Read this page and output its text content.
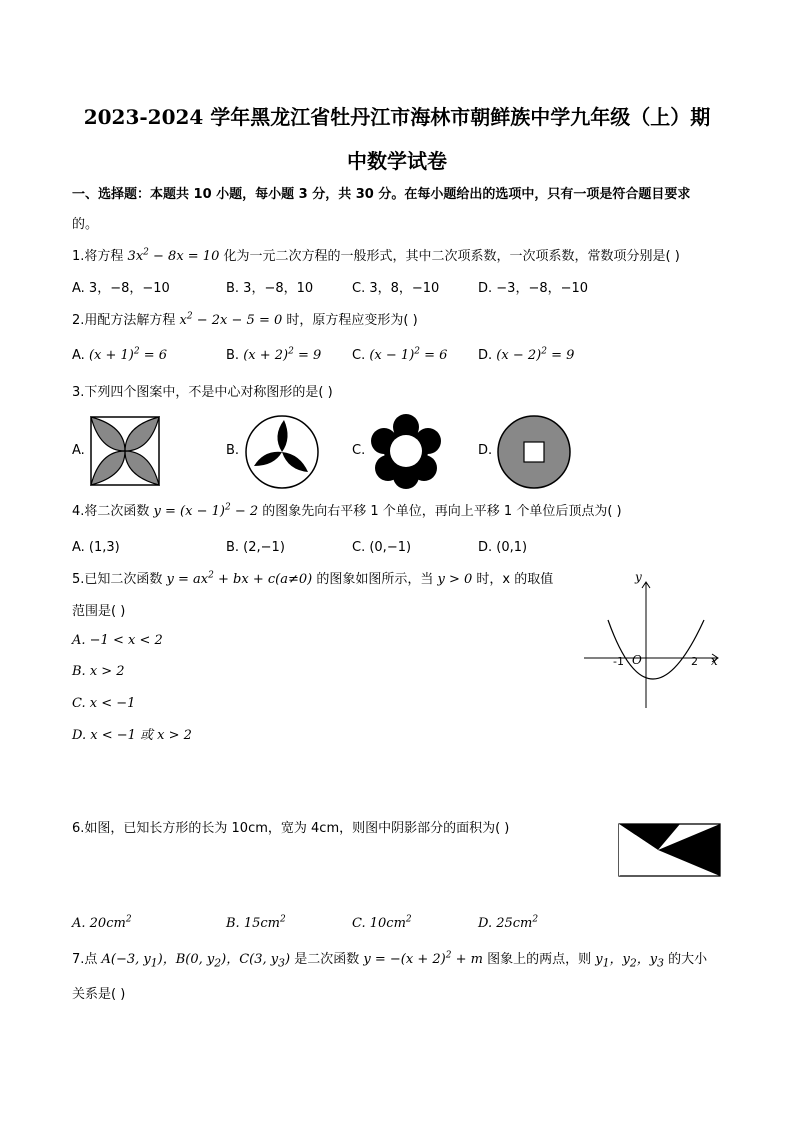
2023-2024 学年黑龙江省牡丹江市海林市朝鲜族中学九年级（上）期
中数学试卷
一、选择题：本题共 10 小题，每小题 3 分，共 30 分。在每小题给出的选项中，只有一项是符合题目要求
的。
1.将方程 $3x^2 - 8x = 10$ 化为一元二次方程的一般形式，其中二次项系数，一次项系数，常数项分别是( )
A. 3，−8，−10	B. 3，−8，10	C. 3，8，−10	D. −3，−8，−10
2.用配方法解方程 $x^2 - 2x - 5 = 0$ 时，原方程应变形为( )
A. $(x + 1)^2 = 6$	B. $(x + 2)^2 = 9$ C. $(x - 1)^2 = 6$ D. $(x - 2)^2 = 9$
3.下列四个图案中，不是中心对称图形的是( )
A.	B.	C.	D.
4.将二次函数 $y = (x - 1)^2 - 2$ 的图象先向右平移 1 个单位，再向上平移 1 个单位后顶点为( )
A. (1,3)	B. (2,−1)	C. (0,−1)	D. (0,1)
5.已知二次函数 $y = ax^2$ + bx + c(a≠0) 的图象如图所示，当 y > 0 时，x 的取值
范围是( )
A. −1 < x < 2
B. x > 2
C. x < −1
D. x < −1 或 x > 2
y
x
O
-1	2
6.如图，已知长方形的长为 10cm，宽为 4cm，则图中阴影部分的面积为( )
A. $20cm^2$	B. $15cm^2$	C. $10cm^2$	D. $25cm^2$
7.点 A(−3, $y_1$)，B(0, $y_2$)，C(3, $y_3$) 是二次函数 $y = -(x + 2)^2 + m$ 图象上的两点，则 $y_1$，$y_2$，$y_3$ 的大小
关系是( )
